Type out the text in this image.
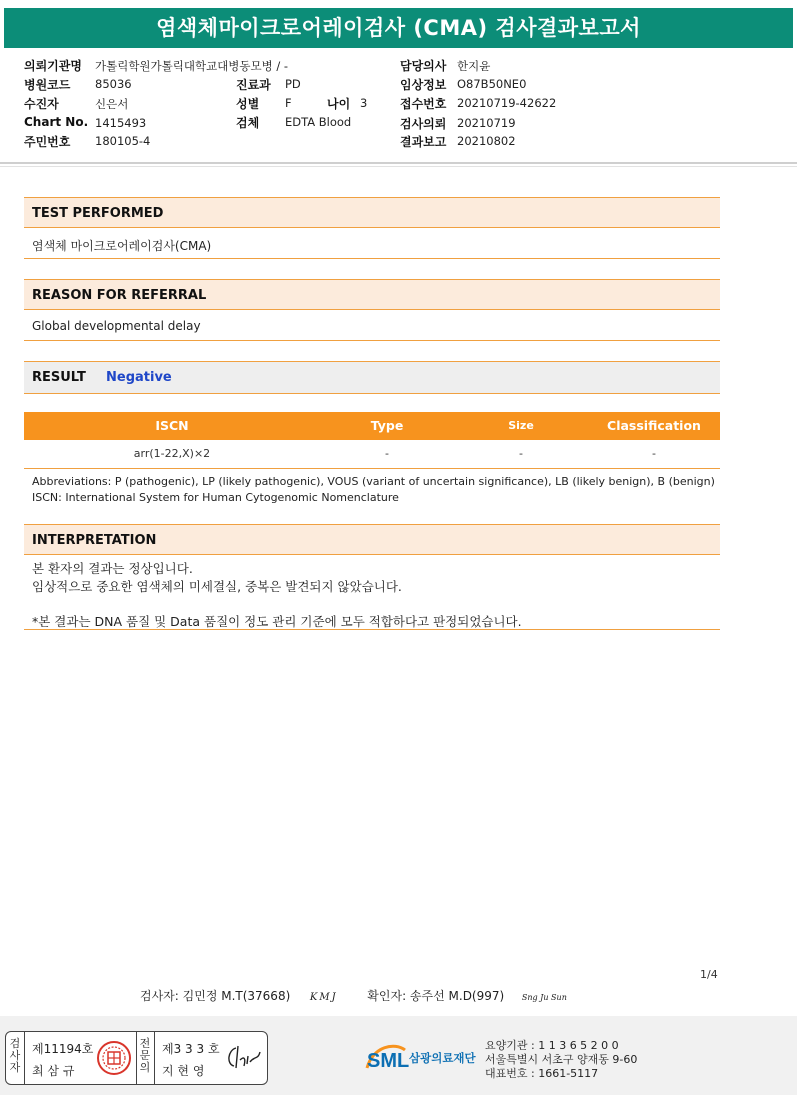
염색체마이크로어레이검사 (CMA) 검사결과보고서
의뢰기관명 가톨릭학원가톨릭대학교대병동모병 / -
병원코드 85036
수진자	신은서
Chart No. 1415493
주민번호 180105-4
진료과 PD
성별 F	나이 3
검체 EDTA Blood
담당의사 한지윤
임상정보 O87B50NE0
접수번호 20210719-42622
검사의뢰 20210719
결과보고 20210802
TEST PERFORMED
염색체 마이크로어레이검사(CMA)
REASON FOR REFERRAL
Global developmental delay
RESULT Negative
ISCN	Type	Size	Classification
arr(1-22,X)×2	-	-	-
Abbreviations: P (pathogenic), LP (likely pathogenic), VOUS (variant of uncertain significance), LB (likely benign), B (benign)
ISCN: International System for Human Cytogenomic Nomenclature
INTERPRETATION
본 환자의 결과는 정상입니다.
임상적으로 중요한 염색체의 미세결실, 중복은 발견되지 않았습니다.
*본 결과는 DNA 품질 및 Data 품질이 정도 관리 기준에 모두 적합하다고 판정되었습니다.
1/4
검사자: 김민정 M.T(37668) KMJ 확인자: 송주선 M.D(997) Sng Ju Sun
검
사
자
제11194호
최 삼 규
전
문
의
제3 3 3 호
지 현 영	SML 삼광의료재단
요양기관 : 1 1 3 6 5 2 0 0
서울특별시 서초구 양재동 9-60
대표번호 : 1661-5117
